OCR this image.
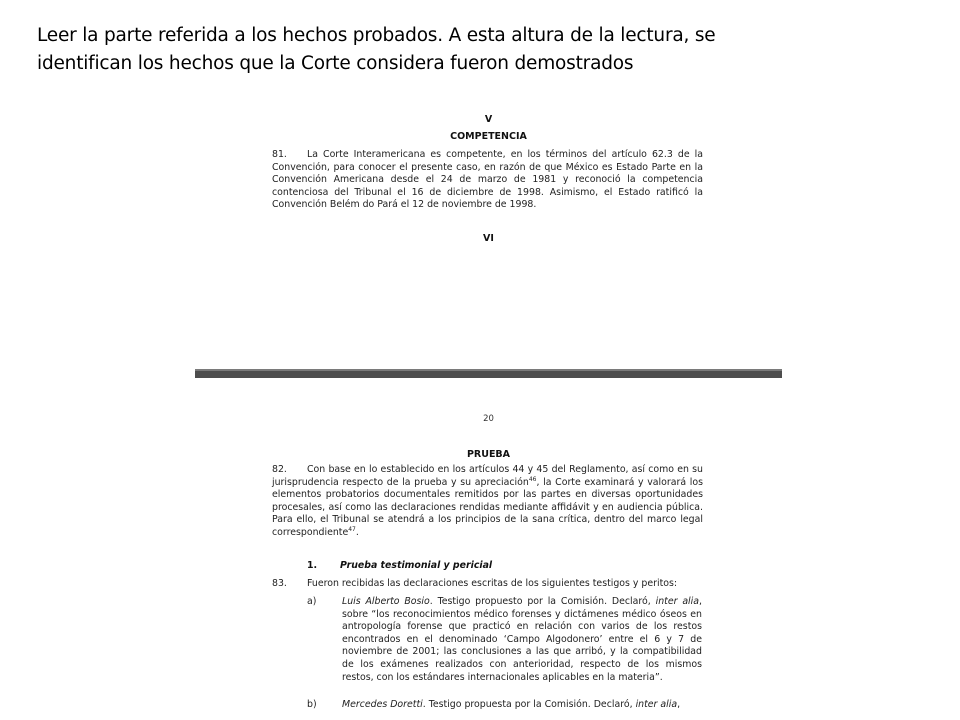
Leer la parte referida a los hechos probados. A esta altura de la lectura, se
identifican los hechos que la Corte considera fueron demostrados
V
COMPETENCIA
81.	La Corte Interamericana es competente, en los términos del artículo 62.3 de la Convención, para conocer el presente caso, en razón de que México es Estado Parte en la Convención Americana desde el 24 de marzo de 1981 y reconoció la competencia contenciosa del Tribunal el 16 de diciembre de 1998. Asimismo, el Estado ratificó la Convención Belém do Pará el 12 de noviembre de 1998.
VI
20
PRUEBA
82.	Con base en lo establecido en los artículos 44 y 45 del Reglamento, así como en su jurisprudencia respecto de la prueba y su apreciación$^{46}$, la Corte examinará y valorará los elementos probatorios documentales remitidos por las partes en diversas oportunidades procesales, así como las declaraciones rendidas mediante affidávit y en audiencia pública. Para ello, el Tribunal se atendrá a los principios de la sana crítica, dentro del marco legal correspondiente$^{47}$.
1. Prueba testimonial y pericial
83. Fueron recibidas las declaraciones escritas de los siguientes testigos y peritos:
a)	Luis Alberto Bosio. Testigo propuesto por la Comisión. Declaró, inter alia, sobre “los reconocimientos médico forenses y dictámenes médico óseos en antropología forense que practicó en relación con varios de los restos encontrados en el denominado ‘Campo Algodonero’ entre el 6 y 7 de noviembre de 2001; las conclusiones a las que arribó, y la compatibilidad de los exámenes realizados con anterioridad, respecto de los mismos restos, con los estándares internacionales aplicables en la materia”.
b)	Mercedes Doretti. Testigo propuesta por la Comisión. Declaró, inter alia,
